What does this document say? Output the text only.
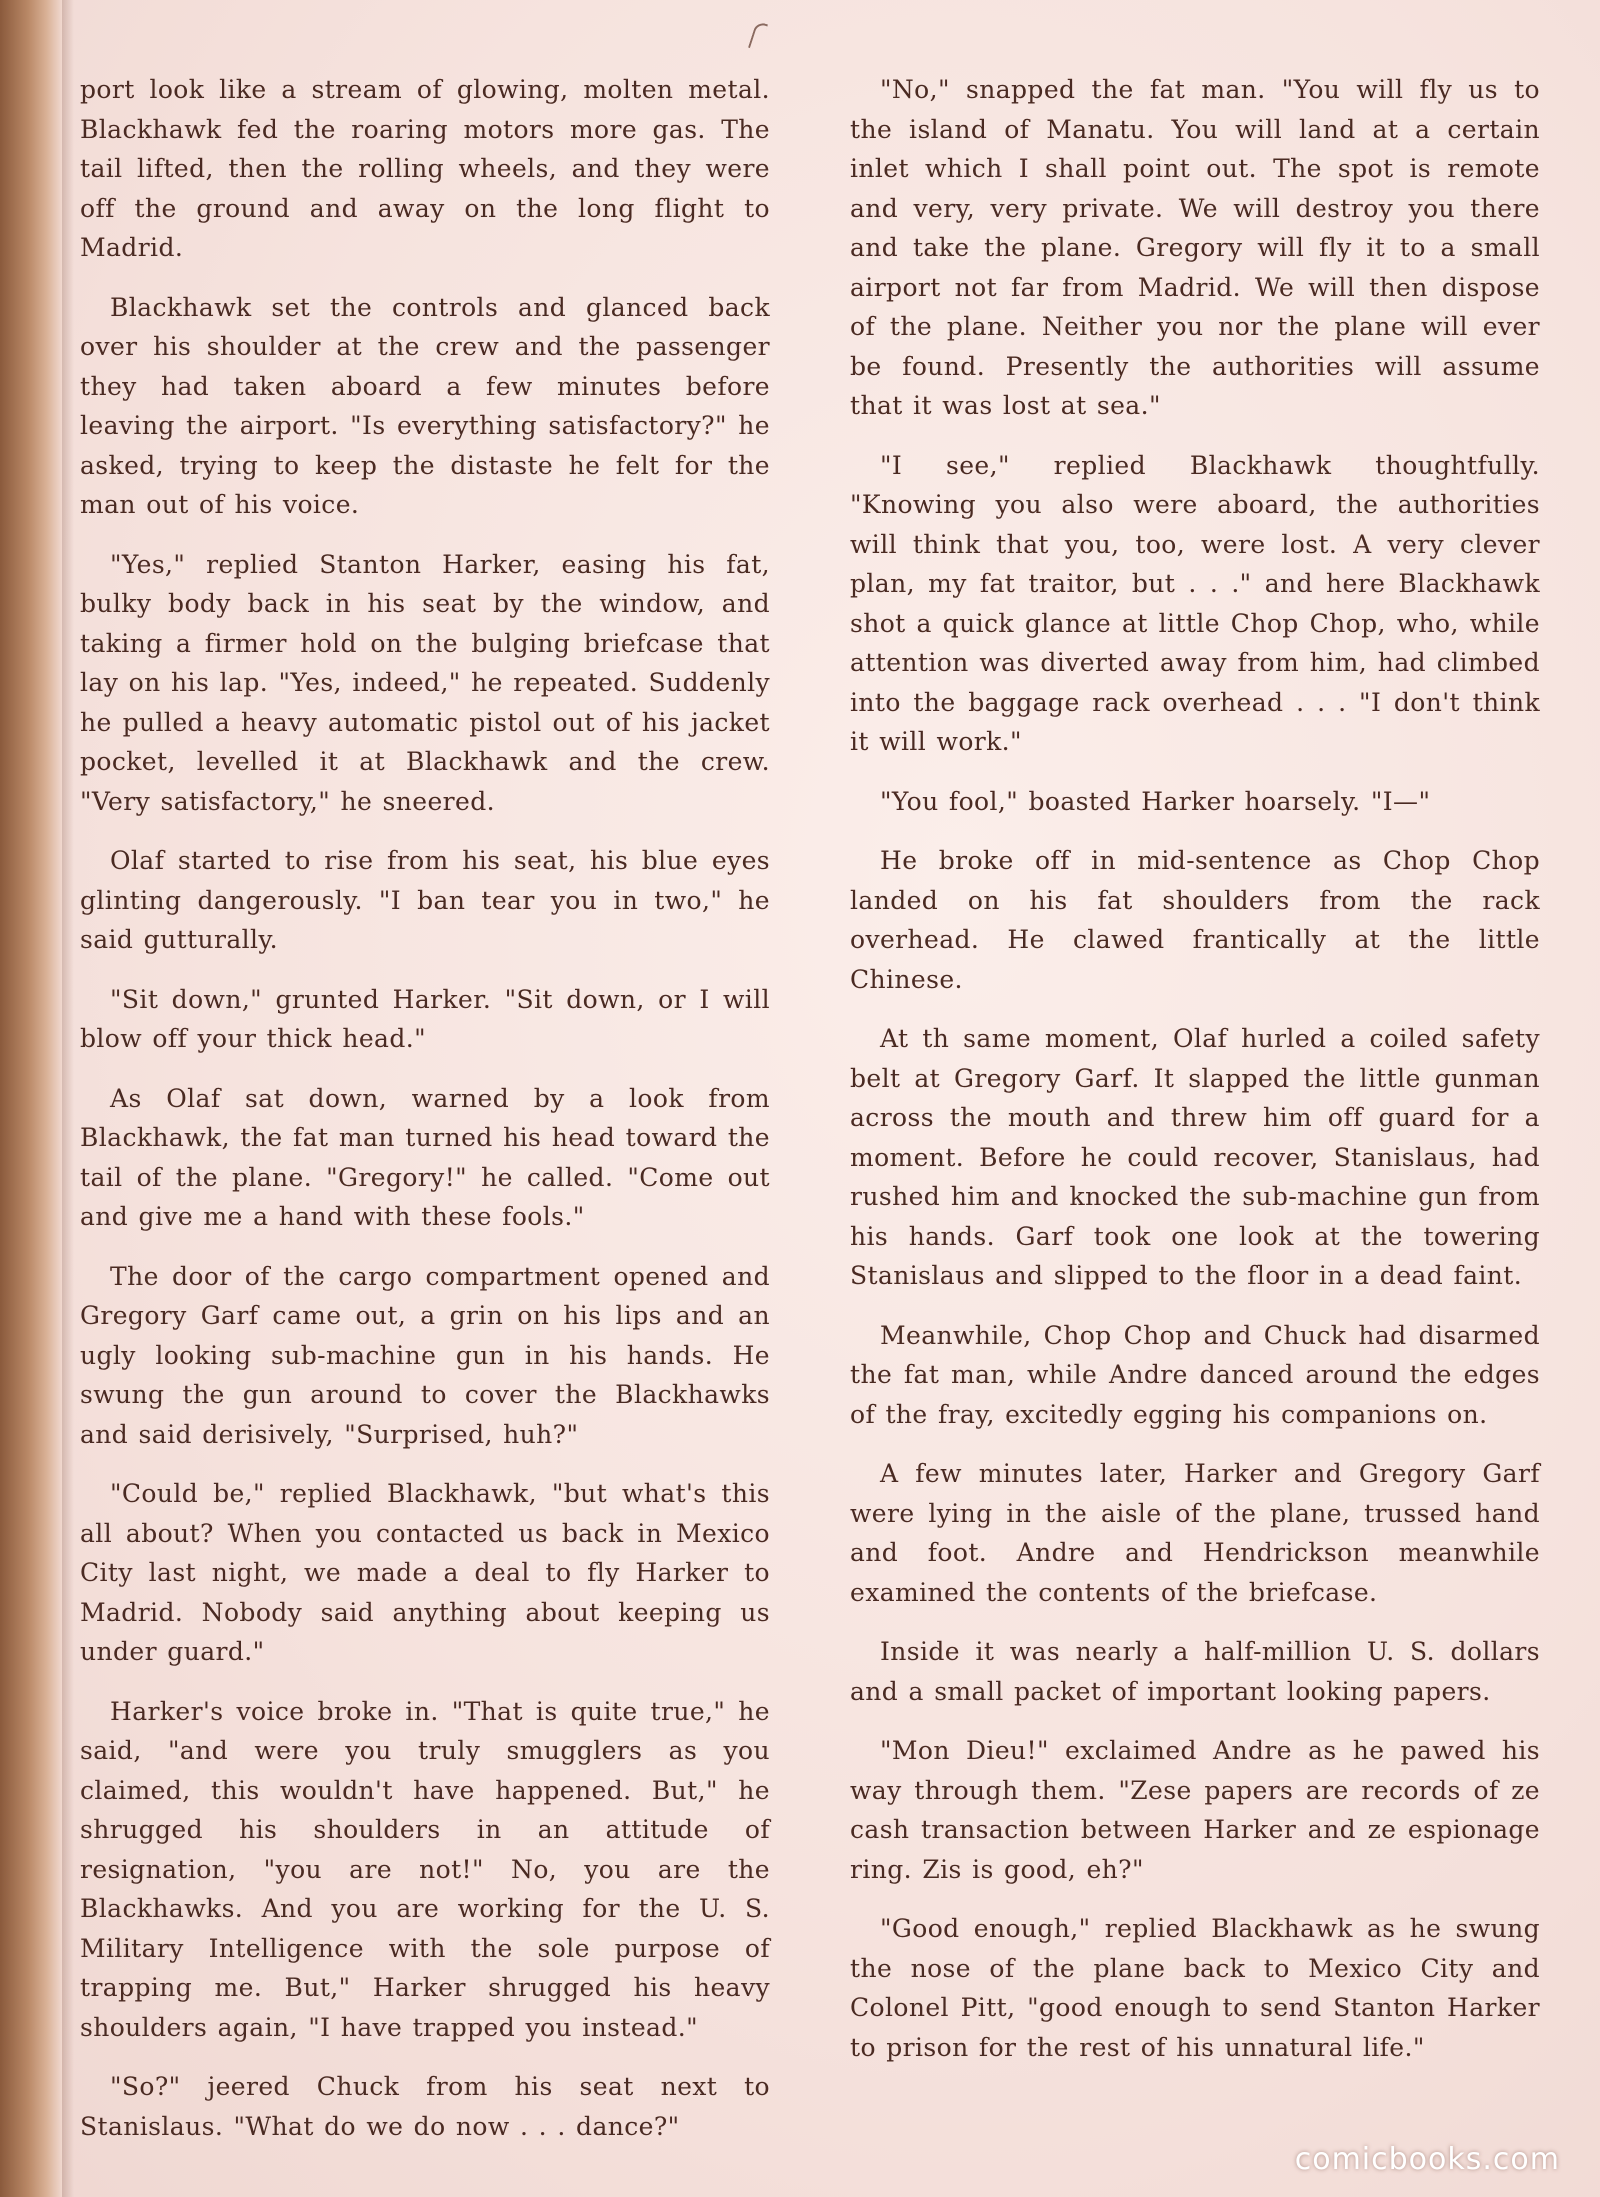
port look like a stream of glowing, molten metal. Blackhawk fed the roaring motors more gas. The tail lifted, then the rolling wheels, and they were off the ground and away on the long flight to Madrid.

Blackhawk set the controls and glanced back over his shoulder at the crew and the passenger they had taken aboard a few minutes before leaving the airport. "Is everything satisfactory?" he asked, trying to keep the distaste he felt for the man out of his voice.

"Yes," replied Stanton Harker, easing his fat, bulky body back in his seat by the window, and taking a firmer hold on the bulging briefcase that lay on his lap. "Yes, indeed," he repeated. Suddenly he pulled a heavy automatic pistol out of his jacket pocket, levelled it at Blackhawk and the crew. "Very satisfactory," he sneered.

Olaf started to rise from his seat, his blue eyes glinting dangerously. "I ban tear you in two," he said gutturally.

"Sit down," grunted Harker. "Sit down, or I will blow off your thick head."

As Olaf sat down, warned by a look from Blackhawk, the fat man turned his head toward the tail of the plane. "Gregory!" he called. "Come out and give me a hand with these fools."

The door of the cargo compartment opened and Gregory Garf came out, a grin on his lips and an ugly looking sub-machine gun in his hands. He swung the gun around to cover the Blackhawks and said derisively, "Surprised, huh?"

"Could be," replied Blackhawk, "but what's this all about? When you contacted us back in Mexico City last night, we made a deal to fly Harker to Madrid. Nobody said anything about keeping us under guard."

Harker's voice broke in. "That is quite true," he said, "and were you truly smugglers as you claimed, this wouldn't have happened. But," he shrugged his shoulders in an attitude of resignation, "you are not!" No, you are the Blackhawks. And you are working for the U. S. Military Intelligence with the sole purpose of trapping me. But," Harker shrugged his heavy shoulders again, "I have trapped you instead."

"So?" jeered Chuck from his seat next to Stanislaus. "What do we do now . . . dance?"

"No," snapped the fat man. "You will fly us to the island of Manatu. You will land at a certain inlet which I shall point out. The spot is remote and very, very private. We will destroy you there and take the plane. Gregory will fly it to a small airport not far from Madrid. We will then dispose of the plane. Neither you nor the plane will ever be found. Presently the authorities will assume that it was lost at sea."

"I see," replied Blackhawk thoughtfully. "Knowing you also were aboard, the authorities will think that you, too, were lost. A very clever plan, my fat traitor, but . . ." and here Blackhawk shot a quick glance at little Chop Chop, who, while attention was diverted away from him, had climbed into the baggage rack overhead . . . "I don't think it will work."

"You fool," boasted Harker hoarsely. "I—"

He broke off in mid-sentence as Chop Chop landed on his fat shoulders from the rack overhead. He clawed frantically at the little Chinese.

At th same moment, Olaf hurled a coiled safety belt at Gregory Garf. It slapped the little gunman across the mouth and threw him off guard for a moment. Before he could recover, Stanislaus, had rushed him and knocked the sub-machine gun from his hands. Garf took one look at the towering Stanislaus and slipped to the floor in a dead faint.

Meanwhile, Chop Chop and Chuck had disarmed the fat man, while Andre danced around the edges of the fray, excitedly egging his companions on.

A few minutes later, Harker and Gregory Garf were lying in the aisle of the plane, trussed hand and foot. Andre and Hendrickson meanwhile examined the contents of the briefcase.

Inside it was nearly a half-million U. S. dollars and a small packet of important looking papers.

"Mon Dieu!" exclaimed Andre as he pawed his way through them. "Zese papers are records of ze cash transaction between Harker and ze espionage ring. Zis is good, eh?"

"Good enough," replied Blackhawk as he swung the nose of the plane back to Mexico City and Colonel Pitt, "good enough to send Stanton Harker to prison for the rest of his unnatural life."

comicbooks.com
